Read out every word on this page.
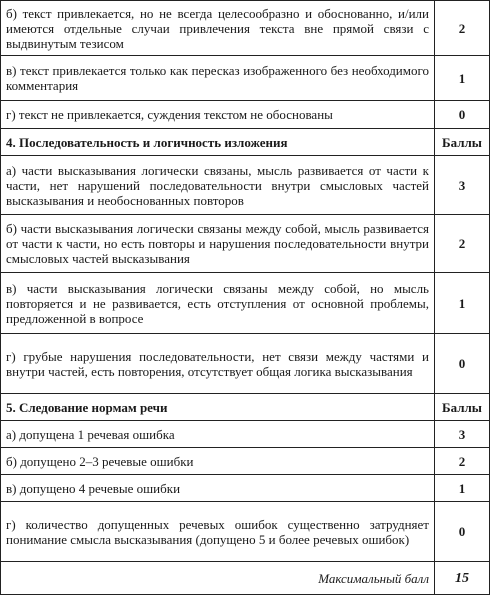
б) текст привлекается, но не всегда целесообразно и обоснованно, и/или имеются отдельные случаи привлечения текста вне прямой связи с выдвинутым тезисом	2
в) текст привлекается только как пересказ изображенного без необходимого комментария	1
г) текст не привлекается, суждения текстом не обоснованы	0
4. Последовательность и логичность изложения	Баллы
а) части высказывания логически связаны, мысль развивается от части к части, нет нарушений последовательности внутри смысловых частей высказывания и необоснованных повторов	3
б) части высказывания логически связаны между собой, мысль развивается от части к части, но есть повторы и нарушения последовательности внутри смысловых частей высказывания	2
в) части высказывания логически связаны между собой, но мысль повторяется и не развивается, есть отступления от основной проблемы, предложенной в вопросе	1
г) грубые нарушения последовательности, нет связи между частями и внутри частей, есть повторения, отсутствует общая логика высказывания	0
5. Следование нормам речи	Баллы
а) допущена 1 речевая ошибка	3
б) допущено 2–3 речевые ошибки	2
в) допущено 4 речевые ошибки	1
г) количество допущенных речевых ошибок существенно затрудняет понимание смысла высказывания (допущено 5 и более речевых ошибок)	0
Максимальный балл	15
